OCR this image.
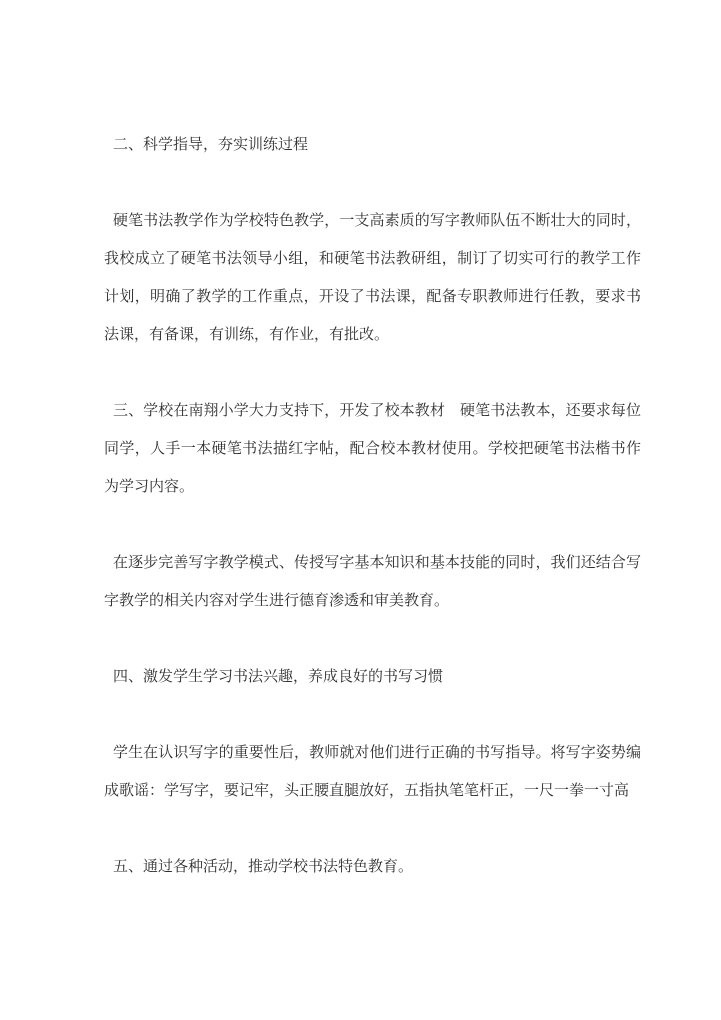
二、科学指导，夯实训练过程

硬笔书法教学作为学校特色教学，一支高素质的写字教师队伍不断壮大的同时，我校成立了硬笔书法领导小组，和硬笔书法教研组，制订了切实可行的教学工作计划，明确了教学的工作重点，开设了书法课，配备专职教师进行任教，要求书法课，有备课，有训练，有作业，有批改。

三、学校在南翔小学大力支持下，开发了校本教材　硬笔书法教本，还要求每位同学，人手一本硬笔书法描红字帖，配合校本教材使用。学校把硬笔书法楷书作为学习内容。

在逐步完善写字教学模式、传授写字基本知识和基本技能的同时，我们还结合写字教学的相关内容对学生进行德育渗透和审美教育。

四、激发学生学习书法兴趣，养成良好的书写习惯

学生在认识写字的重要性后，教师就对他们进行正确的书写指导。将写字姿势编成歌谣：学写字，要记牢，头正腰直腿放好，五指执笔笔杆正，一尺一拳一寸高

五、通过各种活动，推动学校书法特色教育。
